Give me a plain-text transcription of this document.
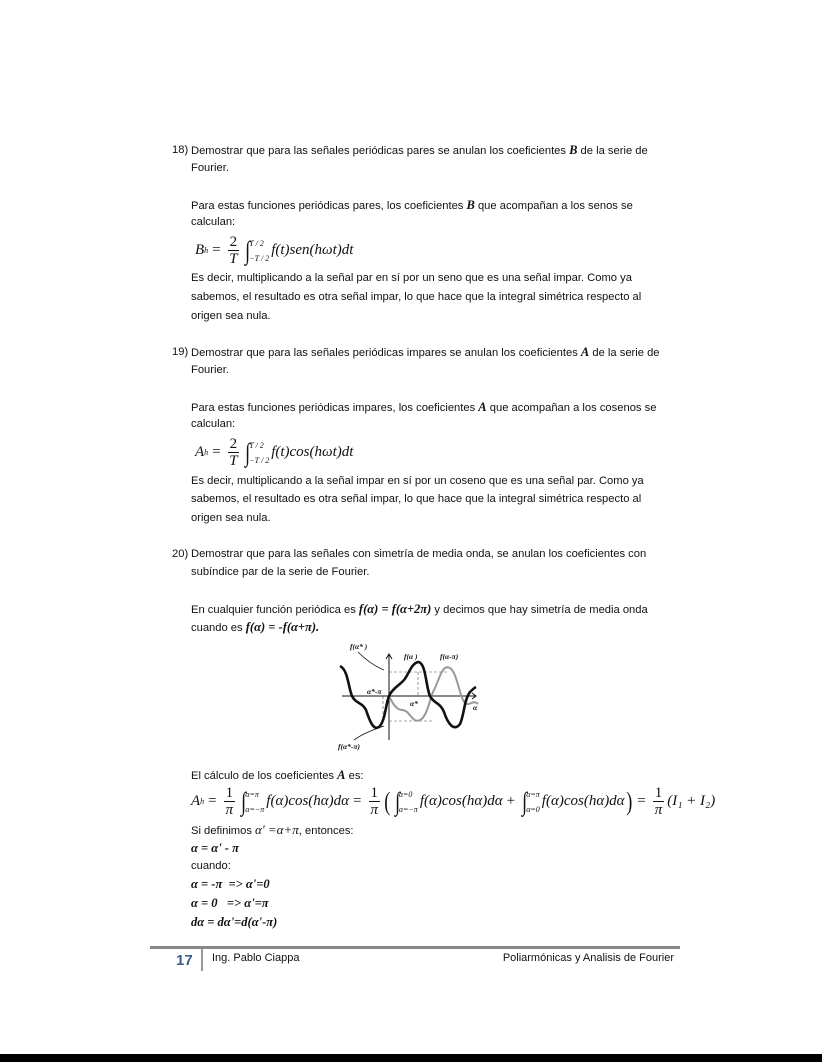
18) Demostrar que para las señales periódicas pares se anulan los coeficientes B de la serie de
Fourier.
Para estas funciones periódicas pares, los coeficientes B que acompañan a los senos se
calculan:
B $h = \frac{2}{T}$ ∫ T / 2
−T / 2 f(t)sen(hωt)dt
Es decir, multiplicando a la señal par en sí por un seno que es una señal impar. Como ya
sabemos, el resultado es otra señal impar, lo que hace que la integral simétrica respecto al
origen sea nula.
19) Demostrar que para las señales periódicas impares se anulan los coeficientes A de la serie de
Fourier.
Para estas funciones periódicas impares, los coeficientes A que acompañan a los cosenos se
calculan:
A $h = \frac{2}{T}$ ∫ T / 2
−T / 2 f(t)cos(hωt)dt
Es decir, multiplicando a la señal impar en sí por un coseno que es una señal par. Como ya
sabemos, el resultado es otra señal impar, lo que hace que la integral simétrica respecto al
origen sea nula.
20) Demostrar que para las señales con simetría de media onda, se anulan los coeficientes con
subíndice par de la serie de Fourier.
En cualquier función periódica es f(α) = f(α+2π) y decimos que hay simetría de media onda
cuando es f(α) = -f(α+π).
f(α* )
f(α )	f(α-π)
α*-π
α*	α
f(α*-π)
El cálculo de los coeficientes A es:
A $h = \frac{1}{\pi}$ ∫ α=π
α=−π $f(\alpha)\cos(h\alpha)d\alpha = \frac{1}{\pi}$ ( ∫ α=0
α=−π f(α)cos(hα)dα + ∫ α=π
α=0 f(α)cos(hα)dα ) = $\frac{1}{\pi} (I_1 + I_2)$
Si definimos α' =α+π, entonces:
α = α' - π
cuando:
α = -π  => α'=0
α = 0   => α'=π
dα = dα'=d(α'-π)
17 Ing. Pablo Ciappa	Poliarmónicas y Analisis de Fourier
